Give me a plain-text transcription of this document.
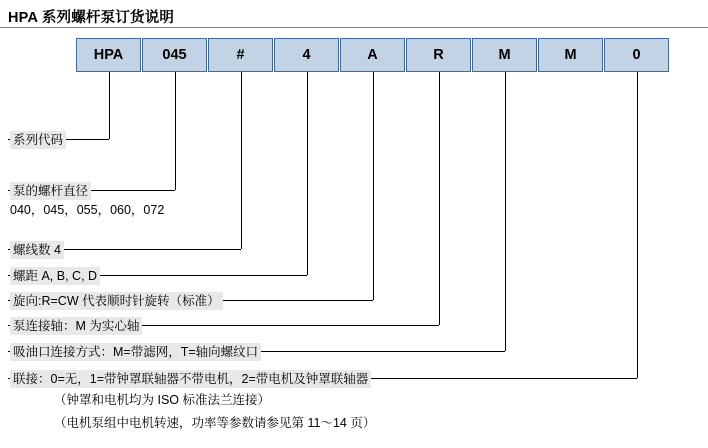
HPA 系列螺杆泵订货说明
HPA	045	#	4	A	R	M	M	0
系列代码
泵的螺杆直径
040，045，055，060，072
螺线数 4
螺距 A, B, C, D
旋向:R=CW 代表顺时针旋转（标准）
泵连接轴：M 为实心轴
吸油口连接方式：M=带滤网，T=轴向螺纹口
联接：0=无，1=带钟罩联轴器不带电机，2=带电机及钟罩联轴器
（钟罩和电机均为 ISO 标准法兰连接）
（电机泵组中电机转速，功率等参数请参见第 11～14 页）
